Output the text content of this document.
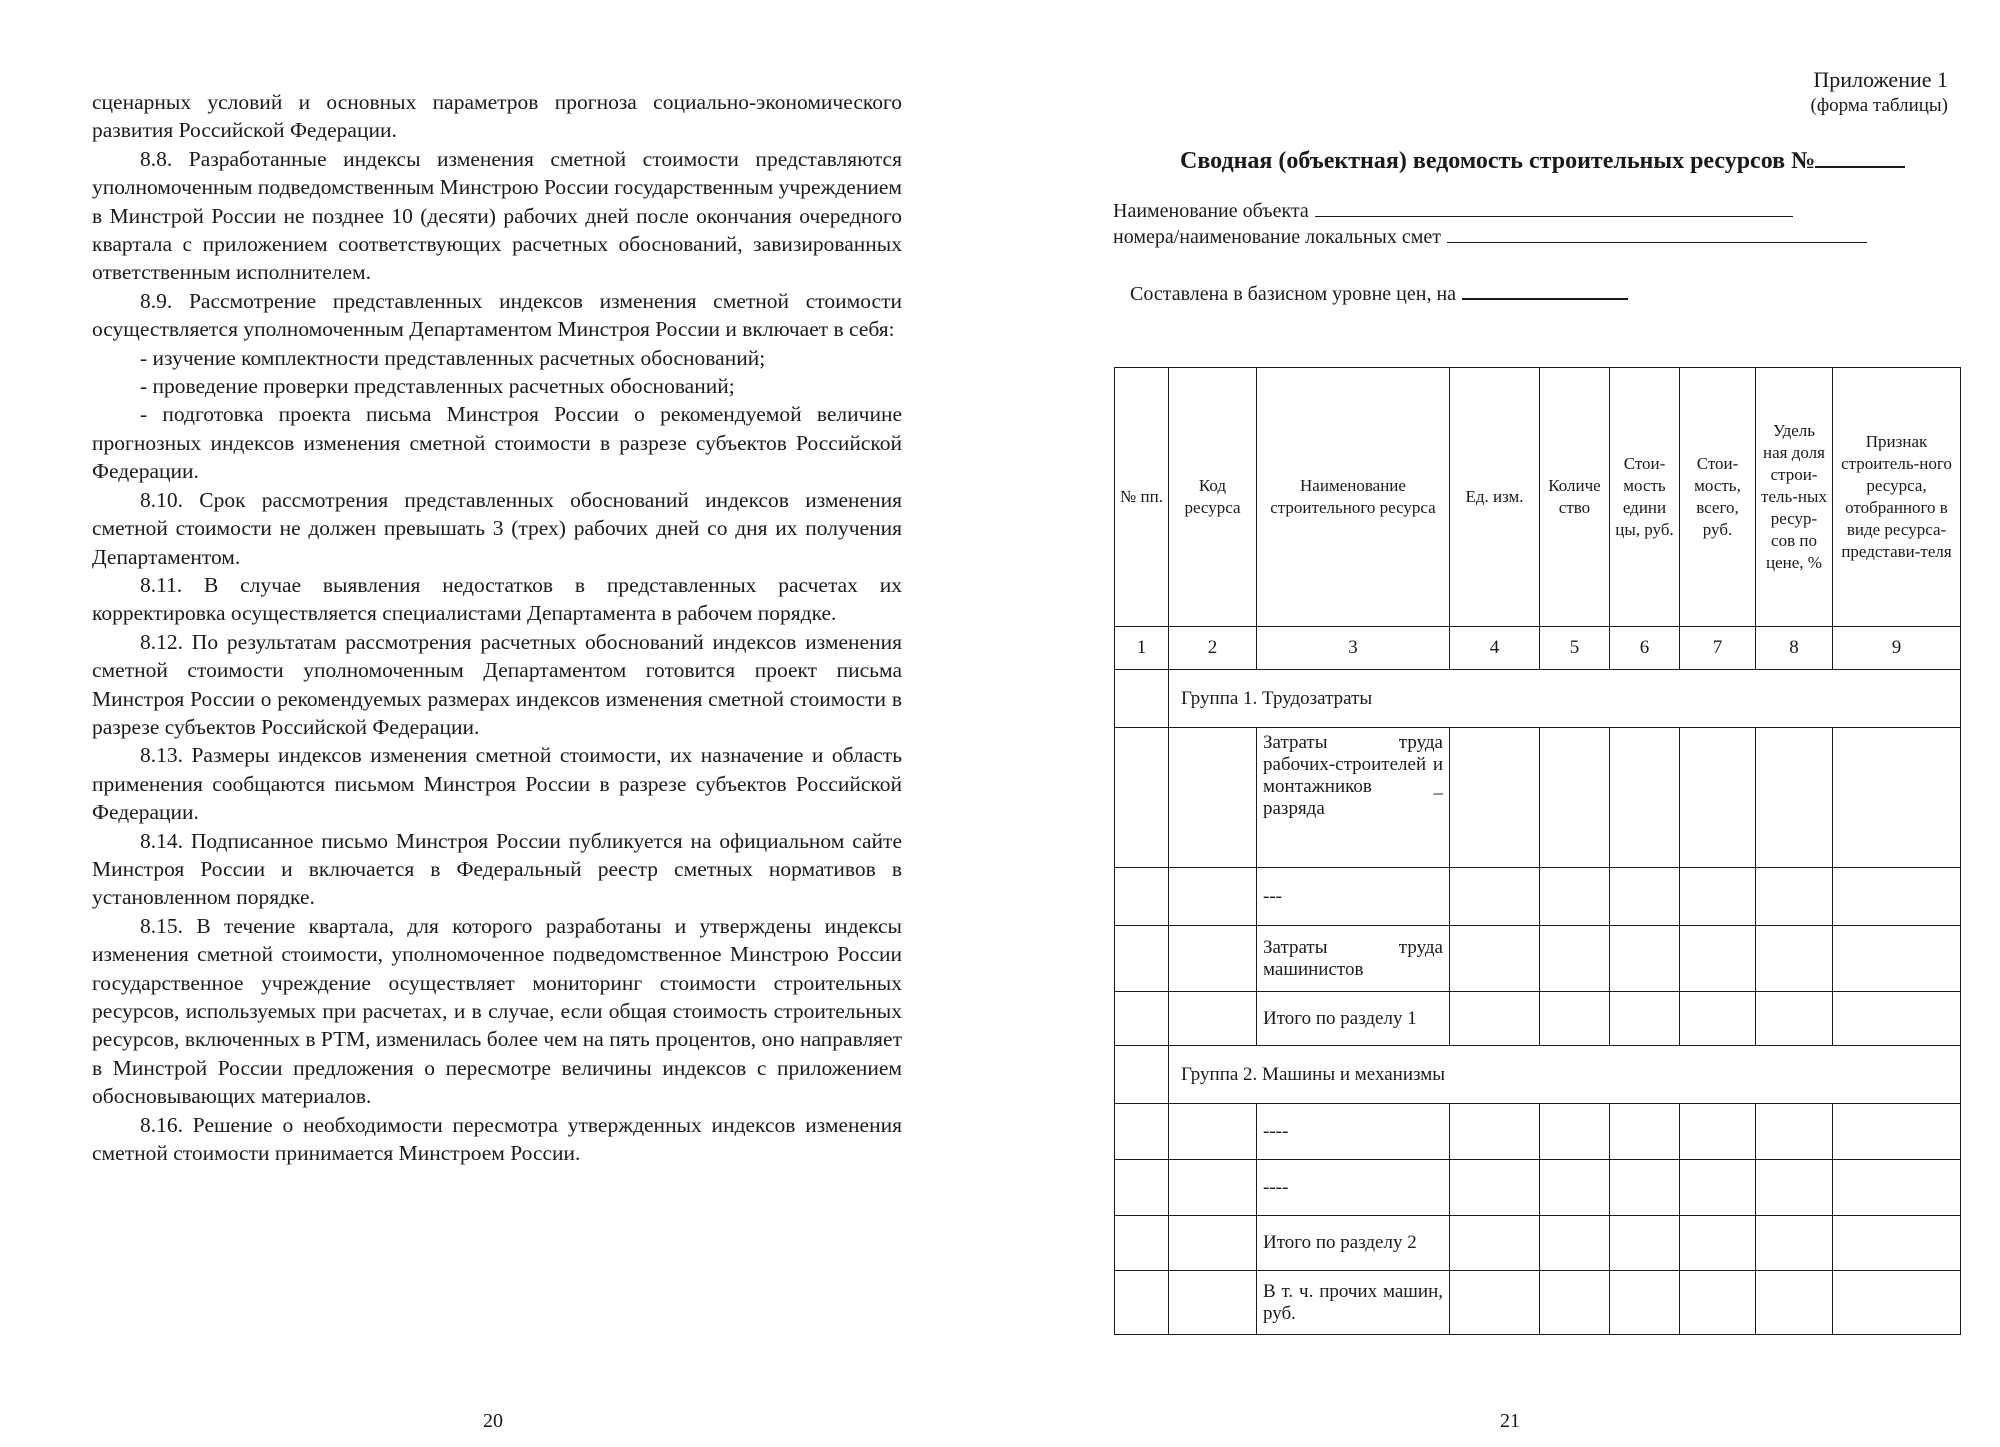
сценарных условий и основных параметров прогноза социально-экономического развития Российской Федерации.

8.8. Разработанные индексы изменения сметной стоимости представляются уполномоченным подведомственным Минстрою России государственным учреждением в Минстрой России не позднее 10 (десяти) рабочих дней после окончания очередного квартала с приложением соответствующих расчетных обоснований, завизированных ответственным исполнителем.

8.9. Рассмотрение представленных индексов изменения сметной стоимости осуществляется уполномоченным Департаментом Минстроя России и включает в себя:

- изучение комплектности представленных расчетных обоснований;

- проведение проверки представленных расчетных обоснований;

- подготовка проекта письма Минстроя России о рекомендуемой величине прогнозных индексов изменения сметной стоимости в разрезе субъектов Российской Федерации.

8.10. Срок рассмотрения представленных обоснований индексов изменения сметной стоимости не должен превышать 3 (трех) рабочих дней со дня их получения Департаментом.

8.11. В случае выявления недостатков в представленных расчетах их корректировка осуществляется специалистами Департамента в рабочем порядке.

8.12. По результатам рассмотрения расчетных обоснований индексов изменения сметной стоимости уполномоченным Департаментом готовится проект письма Минстроя России о рекомендуемых размерах индексов изменения сметной стоимости в разрезе субъектов Российской Федерации.

8.13. Размеры индексов изменения сметной стоимости, их назначение и область применения сообщаются письмом Минстроя России в разрезе субъектов Российской Федерации.

8.14. Подписанное письмо Минстроя России публикуется на официальном сайте Минстроя России и включается в Федеральный реестр сметных нормативов в установленном порядке.

8.15. В течение квартала, для которого разработаны и утверждены индексы изменения сметной стоимости, уполномоченное подведомственное Минстрою России государственное учреждение осуществляет мониторинг стоимости строительных ресурсов, используемых при расчетах, и в случае, если общая стоимость строительных ресурсов, включенных в РТМ, изменилась более чем на пять процентов, оно направляет в Минстрой России предложения о пересмотре величины индексов с приложением обосновывающих материалов.

8.16. Решение о необходимости пересмотра утвержденных индексов изменения сметной стоимости принимается Минстроем России.

20
Приложение 1
(форма таблицы)
Сводная (объектная) ведомость строительных ресурсов №
Наименование объекта
номера/наименование локальных смет
Составлена в базисном уровне цен, на
№ пп.	Код ресурса	Наименование строительного ресурса	Ед. изм.	Количе ство	Стои-мость едини цы, руб.	Стои-мость, всего, руб.	Удель ная доля строи-тель-ных ресур-сов по цене, %	Признак строитель-ного ресурса, отобранного в виде ресурса-представи-теля
1	2	3	4	5	6	7	8	9
	Группа 1. Трудозатраты							
		Затраты труда рабочих-строителей и монтажников _ разряда						
		---						
		Затраты труда машинистов						
		Итого по разделу 1						
	Группа 2. Машины и механизмы							
		----						
		----						
		Итого по разделу 2						
		В т. ч. прочих машин, руб.						
21
